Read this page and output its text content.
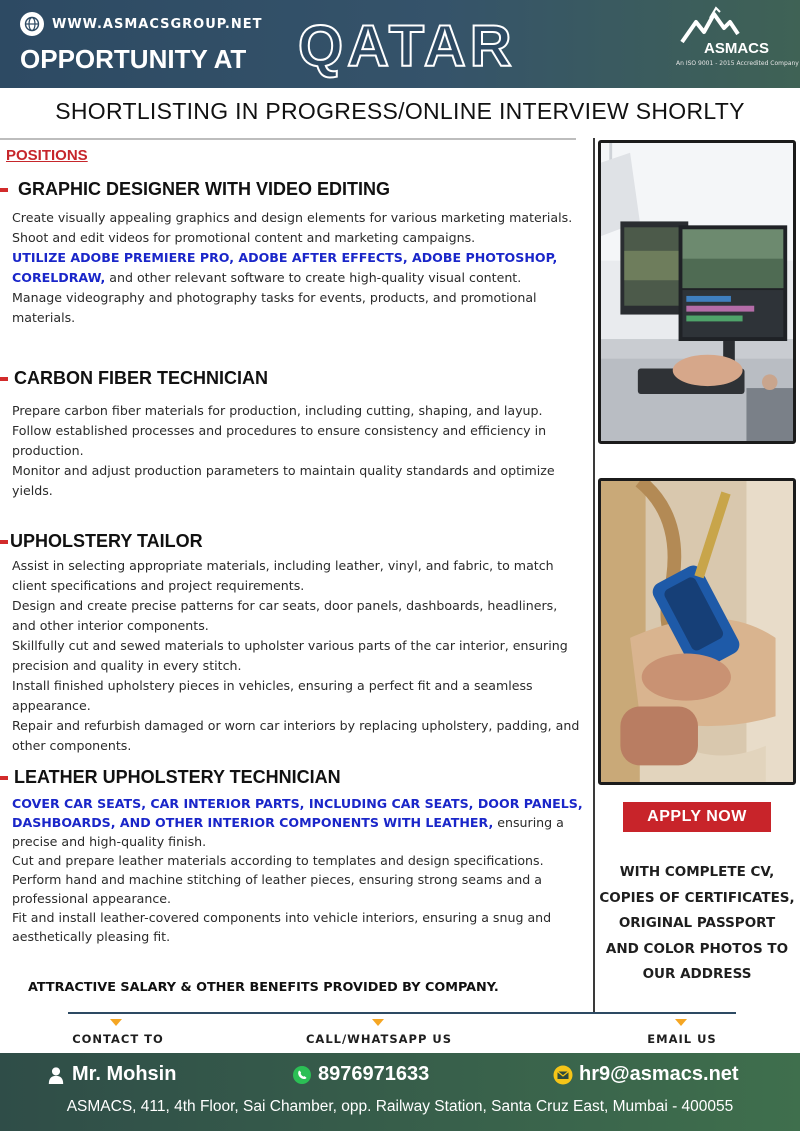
WWW.ASMACSGROUP.NET
OPPORTUNITY AT QATAR	ASMACS
An ISO 9001 - 2015 Accredited Company
SHORTLISTING IN PROGRESS/ONLINE INTERVIEW SHORLTY
POSITIONS
GRAPHIC DESIGNER WITH VIDEO EDITING

Create visually appealing graphics and design elements for various marketing materials.

Shoot and edit videos for promotional content and marketing campaigns.

UTILIZE ADOBE PREMIERE PRO, ADOBE AFTER EFFECTS, ADOBE PHOTOSHOP, CORELDRAW, and other relevant software to create high-quality visual content.

Manage videography and photography tasks for events, products, and promotional materials.

CARBON FIBER TECHNICIAN

Prepare carbon fiber materials for production, including cutting, shaping, and layup.

Follow established processes and procedures to ensure consistency and efficiency in production.

Monitor and adjust production parameters to maintain quality standards and optimize yields.

UPHOLSTERY TAILOR

Assist in selecting appropriate materials, including leather, vinyl, and fabric, to match client specifications and project requirements.

Design and create precise patterns for car seats, door panels, dashboards, headliners, and other interior components.

Skillfully cut and sewed materials to upholster various parts of the car interior, ensuring precision and quality in every stitch.

Install finished upholstery pieces in vehicles, ensuring a perfect fit and a seamless appearance.

Repair and refurbish damaged or worn car interiors by replacing upholstery, padding, and other components.

LEATHER UPHOLSTERY TECHNICIAN

COVER CAR SEATS, CAR INTERIOR PARTS, INCLUDING CAR SEATS, DOOR PANELS, DASHBOARDS, AND OTHER INTERIOR COMPONENTS WITH LEATHER, ensuring a precise and high-quality finish.

Cut and prepare leather materials according to templates and design specifications.

Perform hand and machine stitching of leather pieces, ensuring strong seams and a professional appearance.

Fit and install leather-covered components into vehicle interiors, ensuring a snug and aesthetically pleasing fit.

ATTRACTIVE SALARY & OTHER BENEFITS PROVIDED BY COMPANY.
APPLY NOW
WITH COMPLETE CV,
COPIES OF CERTIFICATES,
ORIGINAL PASSPORT
AND COLOR PHOTOS TO
OUR ADDRESS
CONTACT TO	CALL/WHATSAPP US	EMAIL US
Mr. Mohsin	8976971633	hr9@asmacs.net
ASMACS, 411, 4th Floor, Sai Chamber, opp. Railway Station, Santa Cruz East, Mumbai - 400055
